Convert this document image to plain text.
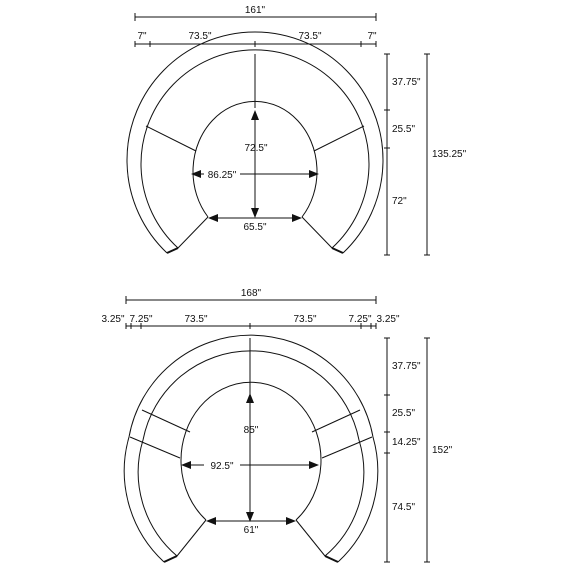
161"
7"	73.5"	73.5"	7"
72.5"
86.25"
65.5"
37.75"
25.5"
72"
135.25"
168"
3.25" 7.25"	73.5"	73.5"	7.25" 3.25"
85"
92.5"
61"
37.75"
25.5"
14.25"
74.5"
152"
